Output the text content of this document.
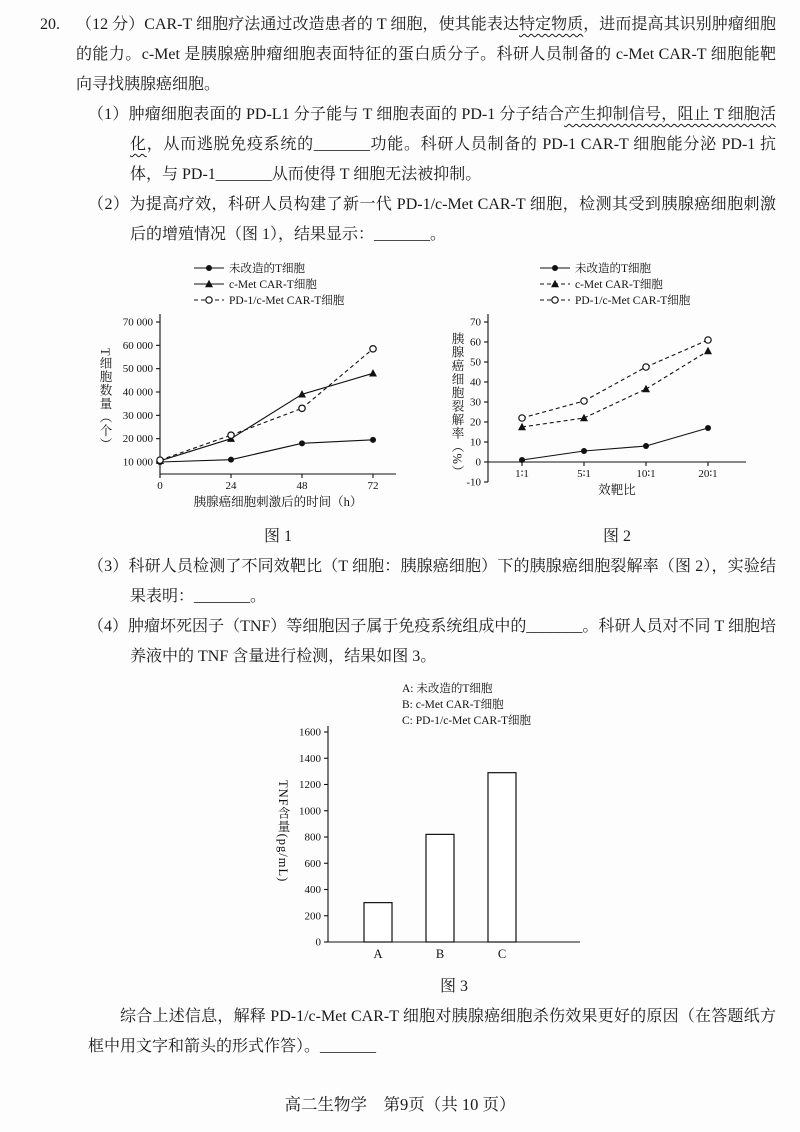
20.	（12 分）CAR-T 细胞疗法通过改造患者的 T 细胞，使其能表达特定物质，进而提高其识别肿瘤细胞的能力。c-Met 是胰腺癌肿瘤细胞表面特征的蛋白质分子。科研人员制备的 c-Met CAR-T 细胞能靶向寻找胰腺癌细胞。

（1）肿瘤细胞表面的 PD-L1 分子能与 T 细胞表面的 PD-1 分子结合产生抑制信号，阻止 T 细胞活化，从而逃脱免疫系统的_______功能。科研人员制备的 PD-1 CAR-T 细胞能分泌 PD-1 抗体，与 PD-1_______从而使得 T 细胞无法被抑制。

（2）为提高疗效，科研人员构建了新一代 PD-1/c-Met CAR-T 细胞，检测其受到胰腺癌细胞刺激后的增殖情况（图 1），结果显示：_______。

未改造的T细胞
c-Met CAR-T细胞
PD-1/c-Met CAR-T细胞
10 000
20 000
30 000
40 000
50 000
60 000
70 000
0	24	48	72
胰腺癌细胞刺激后的时间（h）
T细胞数量（个）
图 1
未改造的T细胞
c-Met CAR-T细胞
PD-1/c-Met CAR-T细胞
-10
0
10
20
30
40
50
60
70
1∶1	5∶1	10∶1	20∶1
效靶比
胰腺癌细胞裂解率（%）
图 2

（3）科研人员检测了不同效靶比（T 细胞：胰腺癌细胞）下的胰腺癌细胞裂解率（图 2），实验结果表明：_______。

（4）肿瘤坏死因子（TNF）等细胞因子属于免疫系统组成中的_______。科研人员对不同 T 细胞培养液中的 TNF 含量进行检测，结果如图 3。

A: 未改造的T细胞
B: c-Met CAR-T细胞
C: PD-1/c-Met CAR-T细胞
0
200
400
600
800
1000
1200
1400
1600
A	B	C
TNF含量(pg/mL)
图 3

综合上述信息，解释 PD-1/c-Met CAR-T 细胞对胰腺癌细胞杀伤效果更好的原因（在答题纸方框中用文字和箭头的形式作答）。_______

高二生物学　第9页（共 10 页）
